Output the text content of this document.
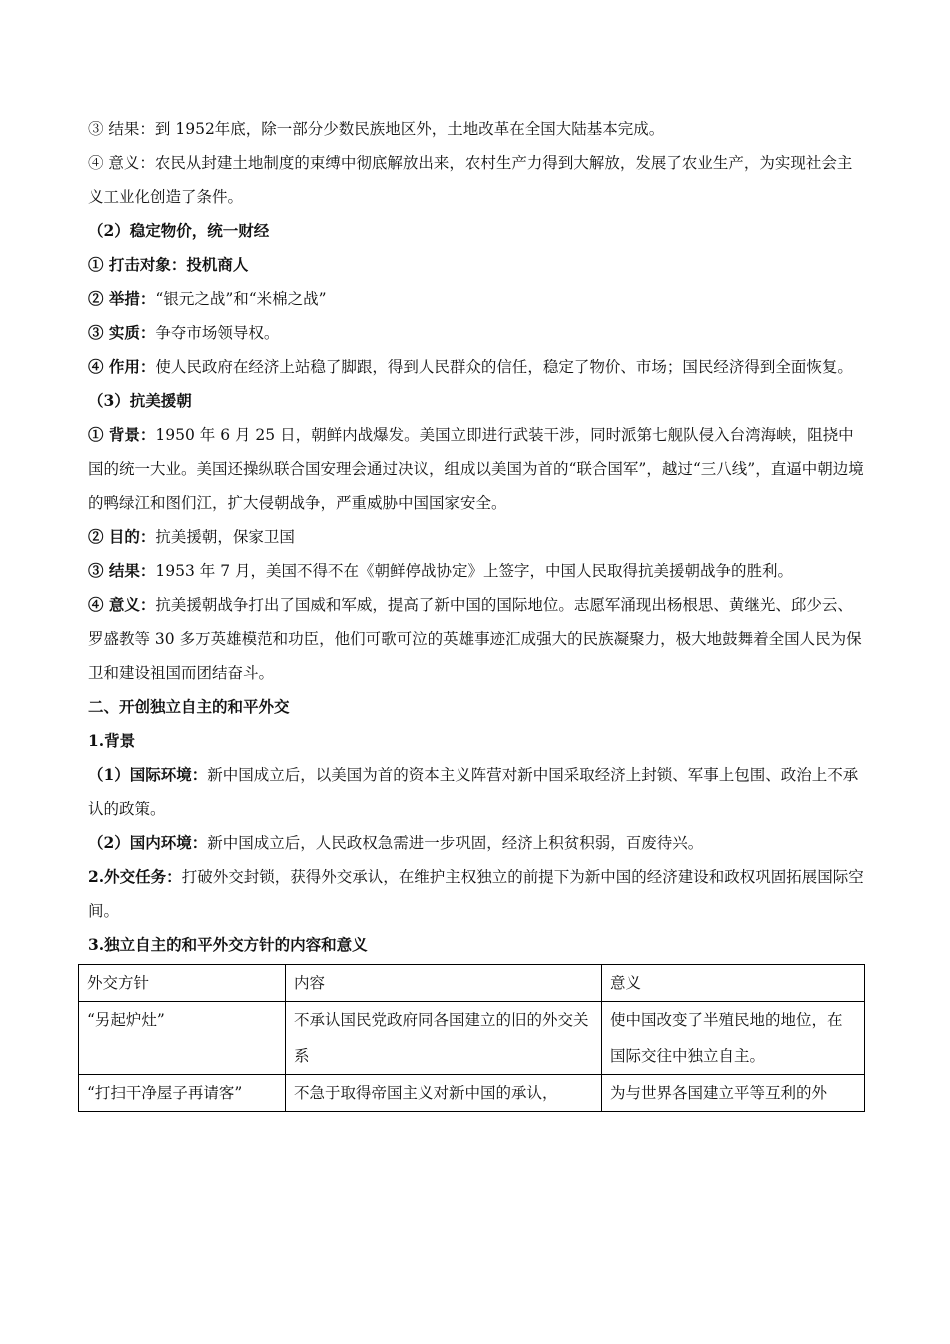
③ 结果：到 1952年底，除一部分少数民族地区外，土地改革在全国大陆基本完成。

④ 意义：农民从封建土地制度的束缚中彻底解放出来，农村生产力得到大解放，发展了农业生产，为实现社会主义工业化创造了条件。

（2）稳定物价，统一财经

① 打击对象：投机商人

② 举措：“银元之战”和“米棉之战”

③ 实质：争夺市场领导权。

④ 作用：使人民政府在经济上站稳了脚跟，得到人民群众的信任，稳定了物价、市场；国民经济得到全面恢复。

（3）抗美援朝

① 背景：1950 年 6 月 25 日，朝鲜内战爆发。美国立即进行武装干涉，同时派第七舰队侵入台湾海峡，阻挠中国的统一大业。美国还操纵联合国安理会通过决议，组成以美国为首的“联合国军”，越过“三八线”，直逼中朝边境的鸭绿江和图们江，扩大侵朝战争，严重威胁中国国家安全。

② 目的：抗美援朝，保家卫国

③ 结果：1953 年 7 月，美国不得不在《朝鲜停战协定》上签字，中国人民取得抗美援朝战争的胜利。

④ 意义：抗美援朝战争打出了国威和军威，提高了新中国的国际地位。志愿军涌现出杨根思、黄继光、邱少云、罗盛教等 30 多万英雄模范和功臣，他们可歌可泣的英雄事迹汇成强大的民族凝聚力，极大地鼓舞着全国人民为保卫和建设祖国而团结奋斗。

二、开创独立自主的和平外交

1.背景

（1）国际环境：新中国成立后，以美国为首的资本主义阵营对新中国采取经济上封锁、军事上包围、政治上不承认的政策。

（2）国内环境：新中国成立后，人民政权急需进一步巩固，经济上积贫积弱，百废待兴。

2.外交任务：打破外交封锁，获得外交承认，在维护主权独立的前提下为新中国的经济建设和政权巩固拓展国际空间。

3.独立自主的和平外交方针的内容和意义

外交方针	内容	意义
“另起炉灶”	不承认国民党政府同各国建立的旧的外交关系	使中国改变了半殖民地的地位，在国际交往中独立自主。
“打扫干净屋子再请客”	不急于取得帝国主义对新中国的承认，	为与世界各国建立平等互利的外
